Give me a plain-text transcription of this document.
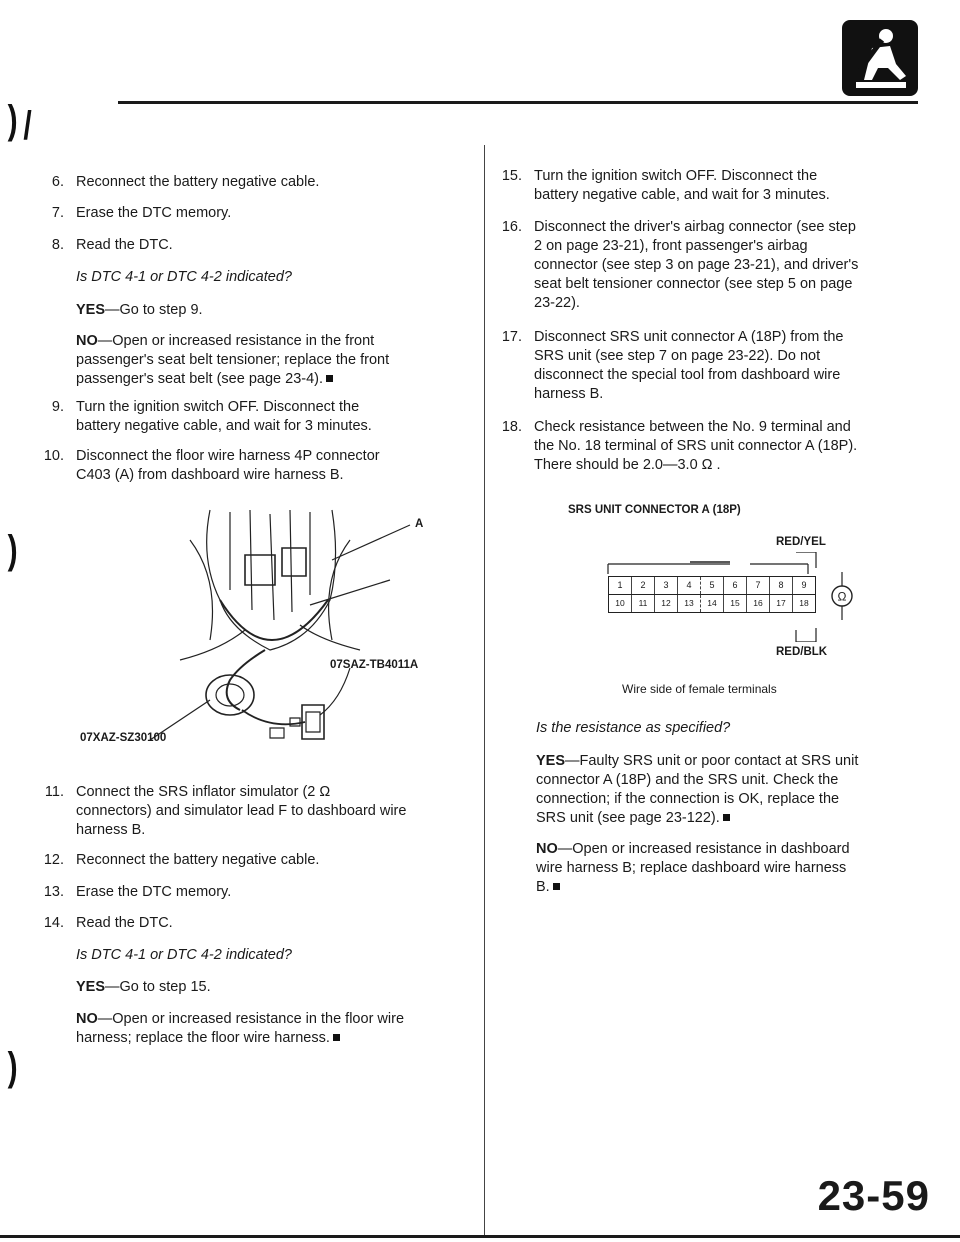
) /
)
)
6. Reconnect the battery negative cable.
7. Erase the DTC memory.
8. Read the DTC.
Is DTC 4-1 or DTC 4-2 indicated?
YES—Go to step 9.
NO—Open or increased resistance in the front
passenger's seat belt tensioner; replace the front
passenger's seat belt (see page 23-4).
9. Turn the ignition switch OFF. Disconnect the
battery negative cable, and wait for 3 minutes.
10. Disconnect the floor wire harness 4P connector
C403 (A) from dashboard wire harness B.
A
07SAZ-TB4011A
07XAZ-SZ30100
11. Connect the SRS inflator simulator (2 Ω
connectors) and simulator lead F to dashboard wire
harness B.
12. Reconnect the battery negative cable.
13. Erase the DTC memory.
14. Read the DTC.
Is DTC 4-1 or DTC 4-2 indicated?
YES—Go to step 15.
NO—Open or increased resistance in the floor wire
harness; replace the floor wire harness.
15. Turn the ignition switch OFF. Disconnect the
battery negative cable, and wait for 3 minutes.
16. Disconnect the driver's airbag connector (see step
2 on page 23-21), front passenger's airbag
connector (see step 3 on page 23-21), and driver's
seat belt tensioner connector (see step 5 on page
23-22).
17. Disconnect SRS unit connector A (18P) from the
SRS unit (see step 7 on page 23-22). Do not
disconnect the special tool from dashboard wire
harness B.
18. Check resistance between the No. 9 terminal and
the No. 18 terminal of SRS unit connector A (18P).
There should be 2.0—3.0 Ω .
SRS UNIT CONNECTOR A (18P)
RED/YEL
Ω
1	2	3	4	5	6	7	8	9
10	11	12	13	14	15	16	17	18
RED/BLK
Wire side of female terminals
Is the resistance as specified?
YES—Faulty SRS unit or poor contact at SRS unit
connector A (18P) and the SRS unit. Check the
connection; if the connection is OK, replace the
SRS unit (see page 23-122).
NO—Open or increased resistance in dashboard
wire harness B; replace dashboard wire harness
B.
23-59
